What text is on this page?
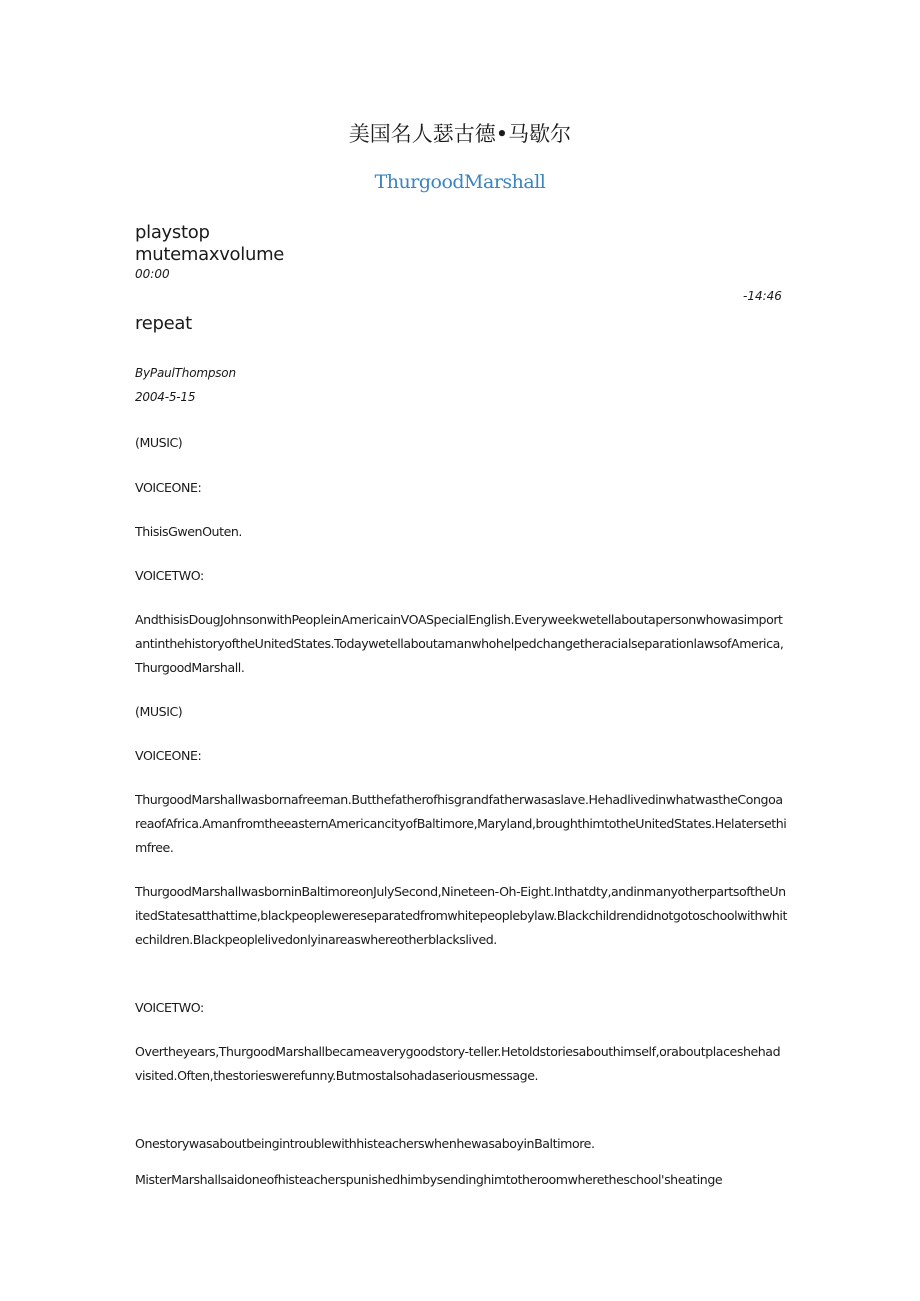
美国名人瑟古德•马歇尔
ThurgoodMarshall
playstop
mutemaxvolume
00:00
-14:46
repeat
ByPaulThompson
2004-5-15
(MUSIC)
VOICEONE:
ThisisGwenOuten.
VOICETWO:
AndthisisDougJohnsonwithPeopleinAmericainVOASpecialEnglish.EveryweekwetellaboutapersonwhowasimportantinthehistoryoftheUnitedStates.TodaywetellaboutamanwhohelpedchangetheracialseparationlawsofAmerica,ThurgoodMarshall.
(MUSIC)
VOICEONE:
ThurgoodMarshallwasbornafreeman.Butthefatherofhisgrandfatherwasaslave.HehadlivedinwhatwastheCongoareaofAfrica.AmanfromtheeasternAmericancityofBaltimore,Maryland,broughthimtotheUnitedStates.Helatersethimfree.
ThurgoodMarshallwasborninBaltimoreonJulySecond,Nineteen-Oh-Eight.Inthatdty,andinmanyotherpartsoftheUnitedStatesatthattime,blackpeoplewereseparatedfromwhitepeoplebylaw.Blackchildrendidnotgotoschoolwithwhitechildren.Blackpeoplelivedonlyinareaswhereotherblackslived.
VOICETWO:
Overtheyears,ThurgoodMarshallbecameaverygoodstory-teller.Hetoldstoriesabouthimself,oraboutplaceshehadvisited.Often,thestorieswerefunny.Butmostalsohadaseriousmessage.
OnestorywasaboutbeingintroublewithhisteacherswhenhewasaboyinBaltimore.
MisterMarshallsaidoneofhisteacherspunishedhimbysendinghimtotheroomwheretheschool'sheatinge
